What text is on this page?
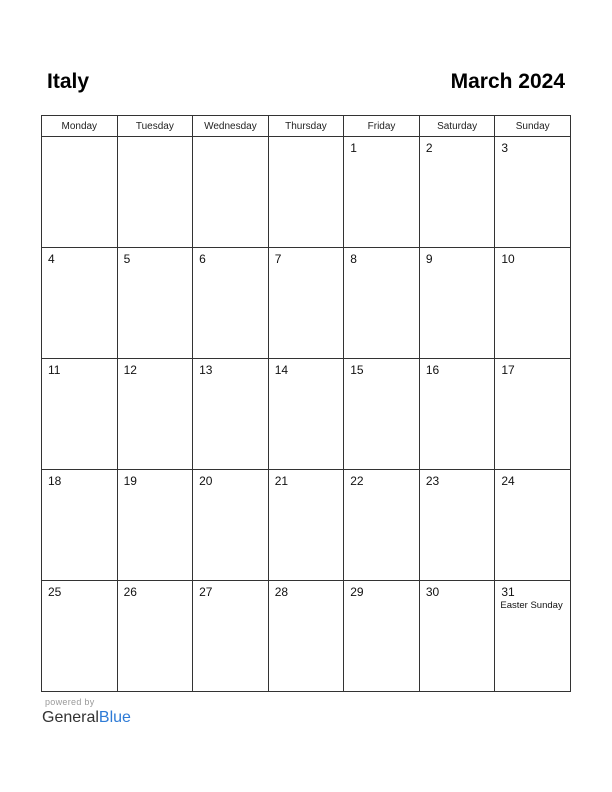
Italy	March 2024
Monday	Tuesday	Wednesday	Thursday	Friday	Saturday	Sunday

				1	2	3

4	5	6	7	8	9	10

11	12	13	14	15	16	17

18	19	20	21	22	23	24

25	26	27	28	29	30	31
Easter Sunday
powered by
GeneralBlue
